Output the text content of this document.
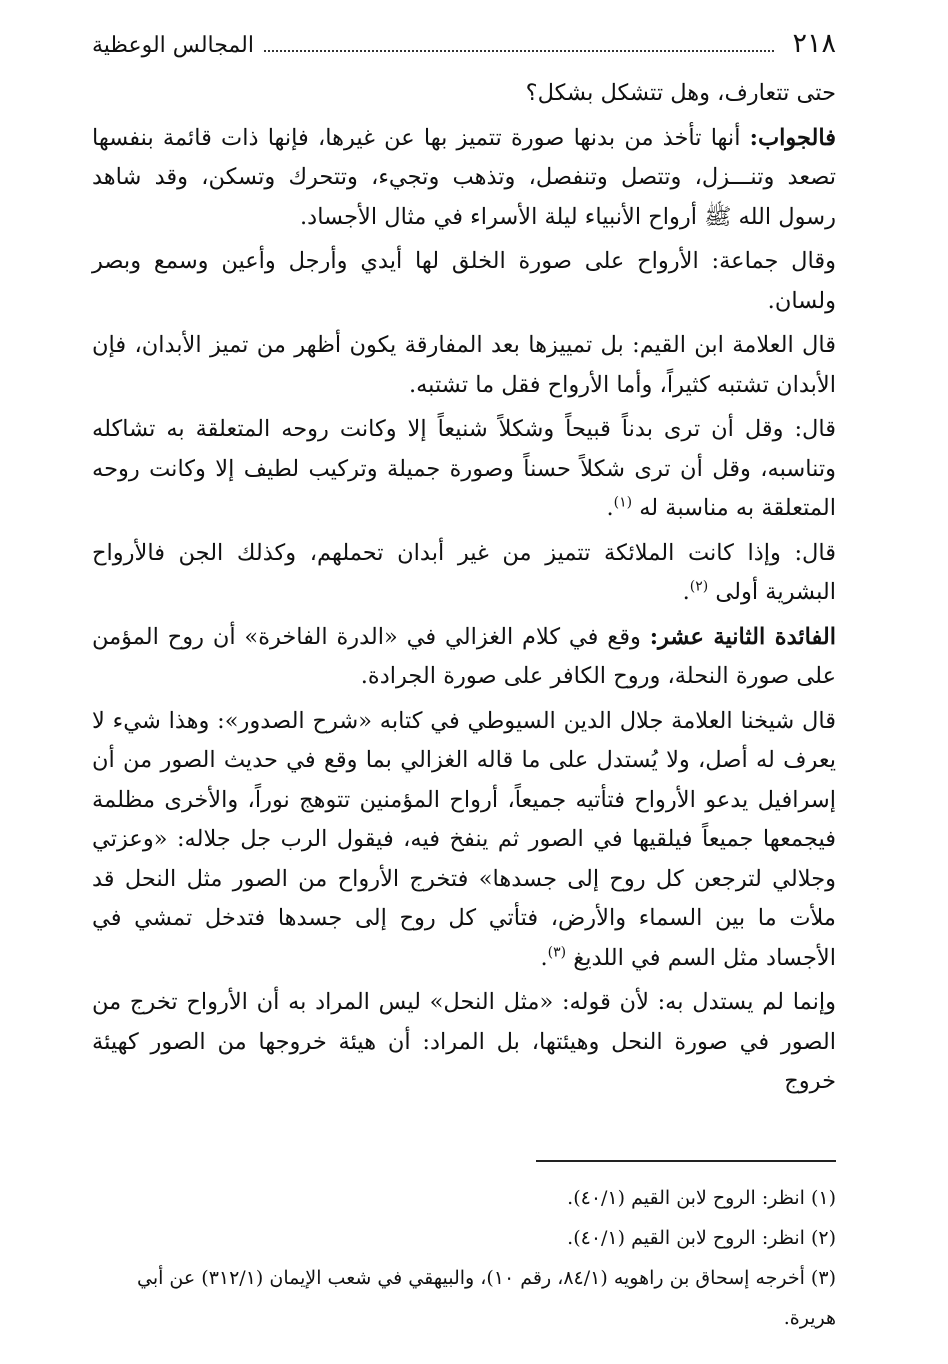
٢١٨
المجالس الوعظية

حتى تتعارف، وهل تتشكل بشكل؟

فالجواب: أنها تأخذ من بدنها صورة تتميز بها عن غيرها، فإنها ذات قائمة بنفسها تصعد وتنـــزل، وتتصل وتنفصل، وتذهب وتجيء، وتتحرك وتسكن، وقد شاهد رسول الله ﷺ أرواح الأنبياء ليلة الأسراء في مثال الأجساد.

وقال جماعة: الأرواح على صورة الخلق لها أيدي وأرجل وأعين وسمع وبصر ولسان.

قال العلامة ابن القيم: بل تمييزها بعد المفارقة يكون أظهر من تميز الأبدان، فإن الأبدان تشتبه كثيراً، وأما الأرواح فقل ما تشتبه.

قال: وقل أن ترى بدناً قبيحاً وشكلاً شنيعاً إلا وكانت روحه المتعلقة به تشاكله وتناسبه، وقل أن ترى شكلاً حسناً وصورة جميلة وتركيب لطيف إلا وكانت روحه المتعلقة به مناسبة له $^{(١)}$.

قال: وإذا كانت الملائكة تتميز من غير أبدان تحملهم، وكذلك الجن فالأرواح البشرية أولى $^{(٢)}$.

الفائدة الثانية عشر: وقع في كلام الغزالي في «الدرة الفاخرة» أن روح المؤمن على صورة النحلة، وروح الكافر على صورة الجرادة.

قال شيخنا العلامة جلال الدين السيوطي في كتابه «شرح الصدور»: وهذا شيء لا يعرف له أصل، ولا يُستدل على ما قاله الغزالي بما وقع في حديث الصور من أن إسرافيل يدعو الأرواح فتأتيه جميعاً، أرواح المؤمنين تتوهج نوراً، والأخرى مظلمة فيجمعها جميعاً فيلقيها في الصور ثم ينفخ فيه، فيقول الرب جل جلاله: «وعزتي وجلالي لترجعن كل روح إلى جسدها» فتخرج الأرواح من الصور مثل النحل قد ملأت ما بين السماء والأرض، فتأتي كل روح إلى جسدها فتدخل تمشي في الأجساد مثل السم في اللديغ $^{(٣)}$.

وإنما لم يستدل به: لأن قوله: «مثل النحل» ليس المراد به أن الأرواح تخرج من الصور في صورة النحل وهيئتها، بل المراد: أن هيئة خروجها من الصور كهيئة خروج

(١) انظر: الروح لابن القيم (٤٠/١).

(٢) انظر: الروح لابن القيم (٤٠/١).

(٣) أخرجه إسحاق بن راهويه (٨٤/١، رقم ١٠)، والبيهقي في شعب الإيمان (٣١٢/١) عن أبي هريرة.
